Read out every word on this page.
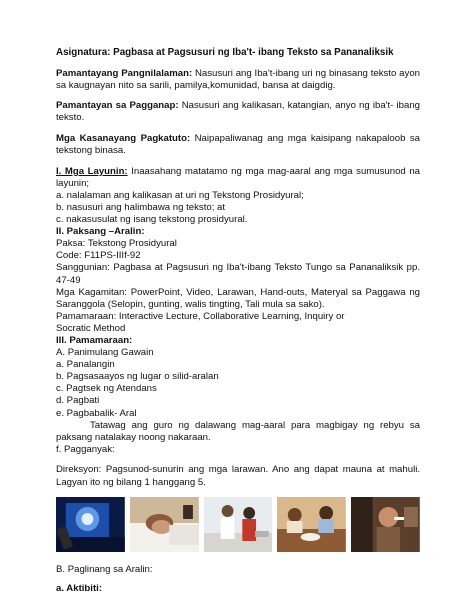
Asignatura: Pagbasa at Pagsusuri ng Iba't- ibang Teksto sa Pananaliksik

Pamantayang Pangnilalaman: Nasusuri ang Iba't-ibang uri ng binasang teksto ayon sa kaugnayan nito sa sarili, pamilya,komunidad, bansa at daigdig.

Pamantayan sa Pagganap: Nasusuri ang kalikasan, katangian, anyo ng iba't- ibang teksto.

Mga Kasanayang Pagkatuto: Naipapaliwanag ang mga kaisipang nakapaloob sa tekstong binasa.

I. Mga Layunin: Inaasahang matatamo ng mga mag-aaral ang mga sumusunod na layunin;

a. nalalaman ang kalikasan at uri ng Tekstong Prosidyural;

b. nasusuri ang halimbawa ng teksto; at

c. nakasusulat ng isang tekstong prosidyural.

II. Paksang –Aralin:

Paksa: Tekstong Prosidyural

Code: F11PS-IIIf-92

Sanggunian: Pagbasa at Pagsusuri ng Iba't-ibang Teksto Tungo sa Pananaliksik pp. 47-49

Mga Kagamitan: PowerPoint, Video, Larawan, Hand-outs, Materyal sa Paggawa ng Saranggola (Selopin, gunting, walis tingting, Tali mula sa sako).

Pamamaraan: Interactive Lecture, Collaborative Learning, Inquiry or

Socratic Method

III. Pamamaraan:

A. Panimulang Gawain

a. Panalangin

b. Pagsasaayos ng lugar o silid-aralan

c. Pagtsek ng Atendans

d. Pagbati

e. Pagbabalik- Aral

Tatawag ang guro ng dalawang mag-aaral para magbigay ng rebyu sa paksang natalakay noong nakaraan.

f. Pagganyak:

Direksyon: Pagsunod-sunurin ang mga larawan. Ano ang dapat mauna at mahuli. Lagyan ito ng bilang 1 hanggang 5.

B. Paglinang sa Aralin:

a. Aktibiti:
